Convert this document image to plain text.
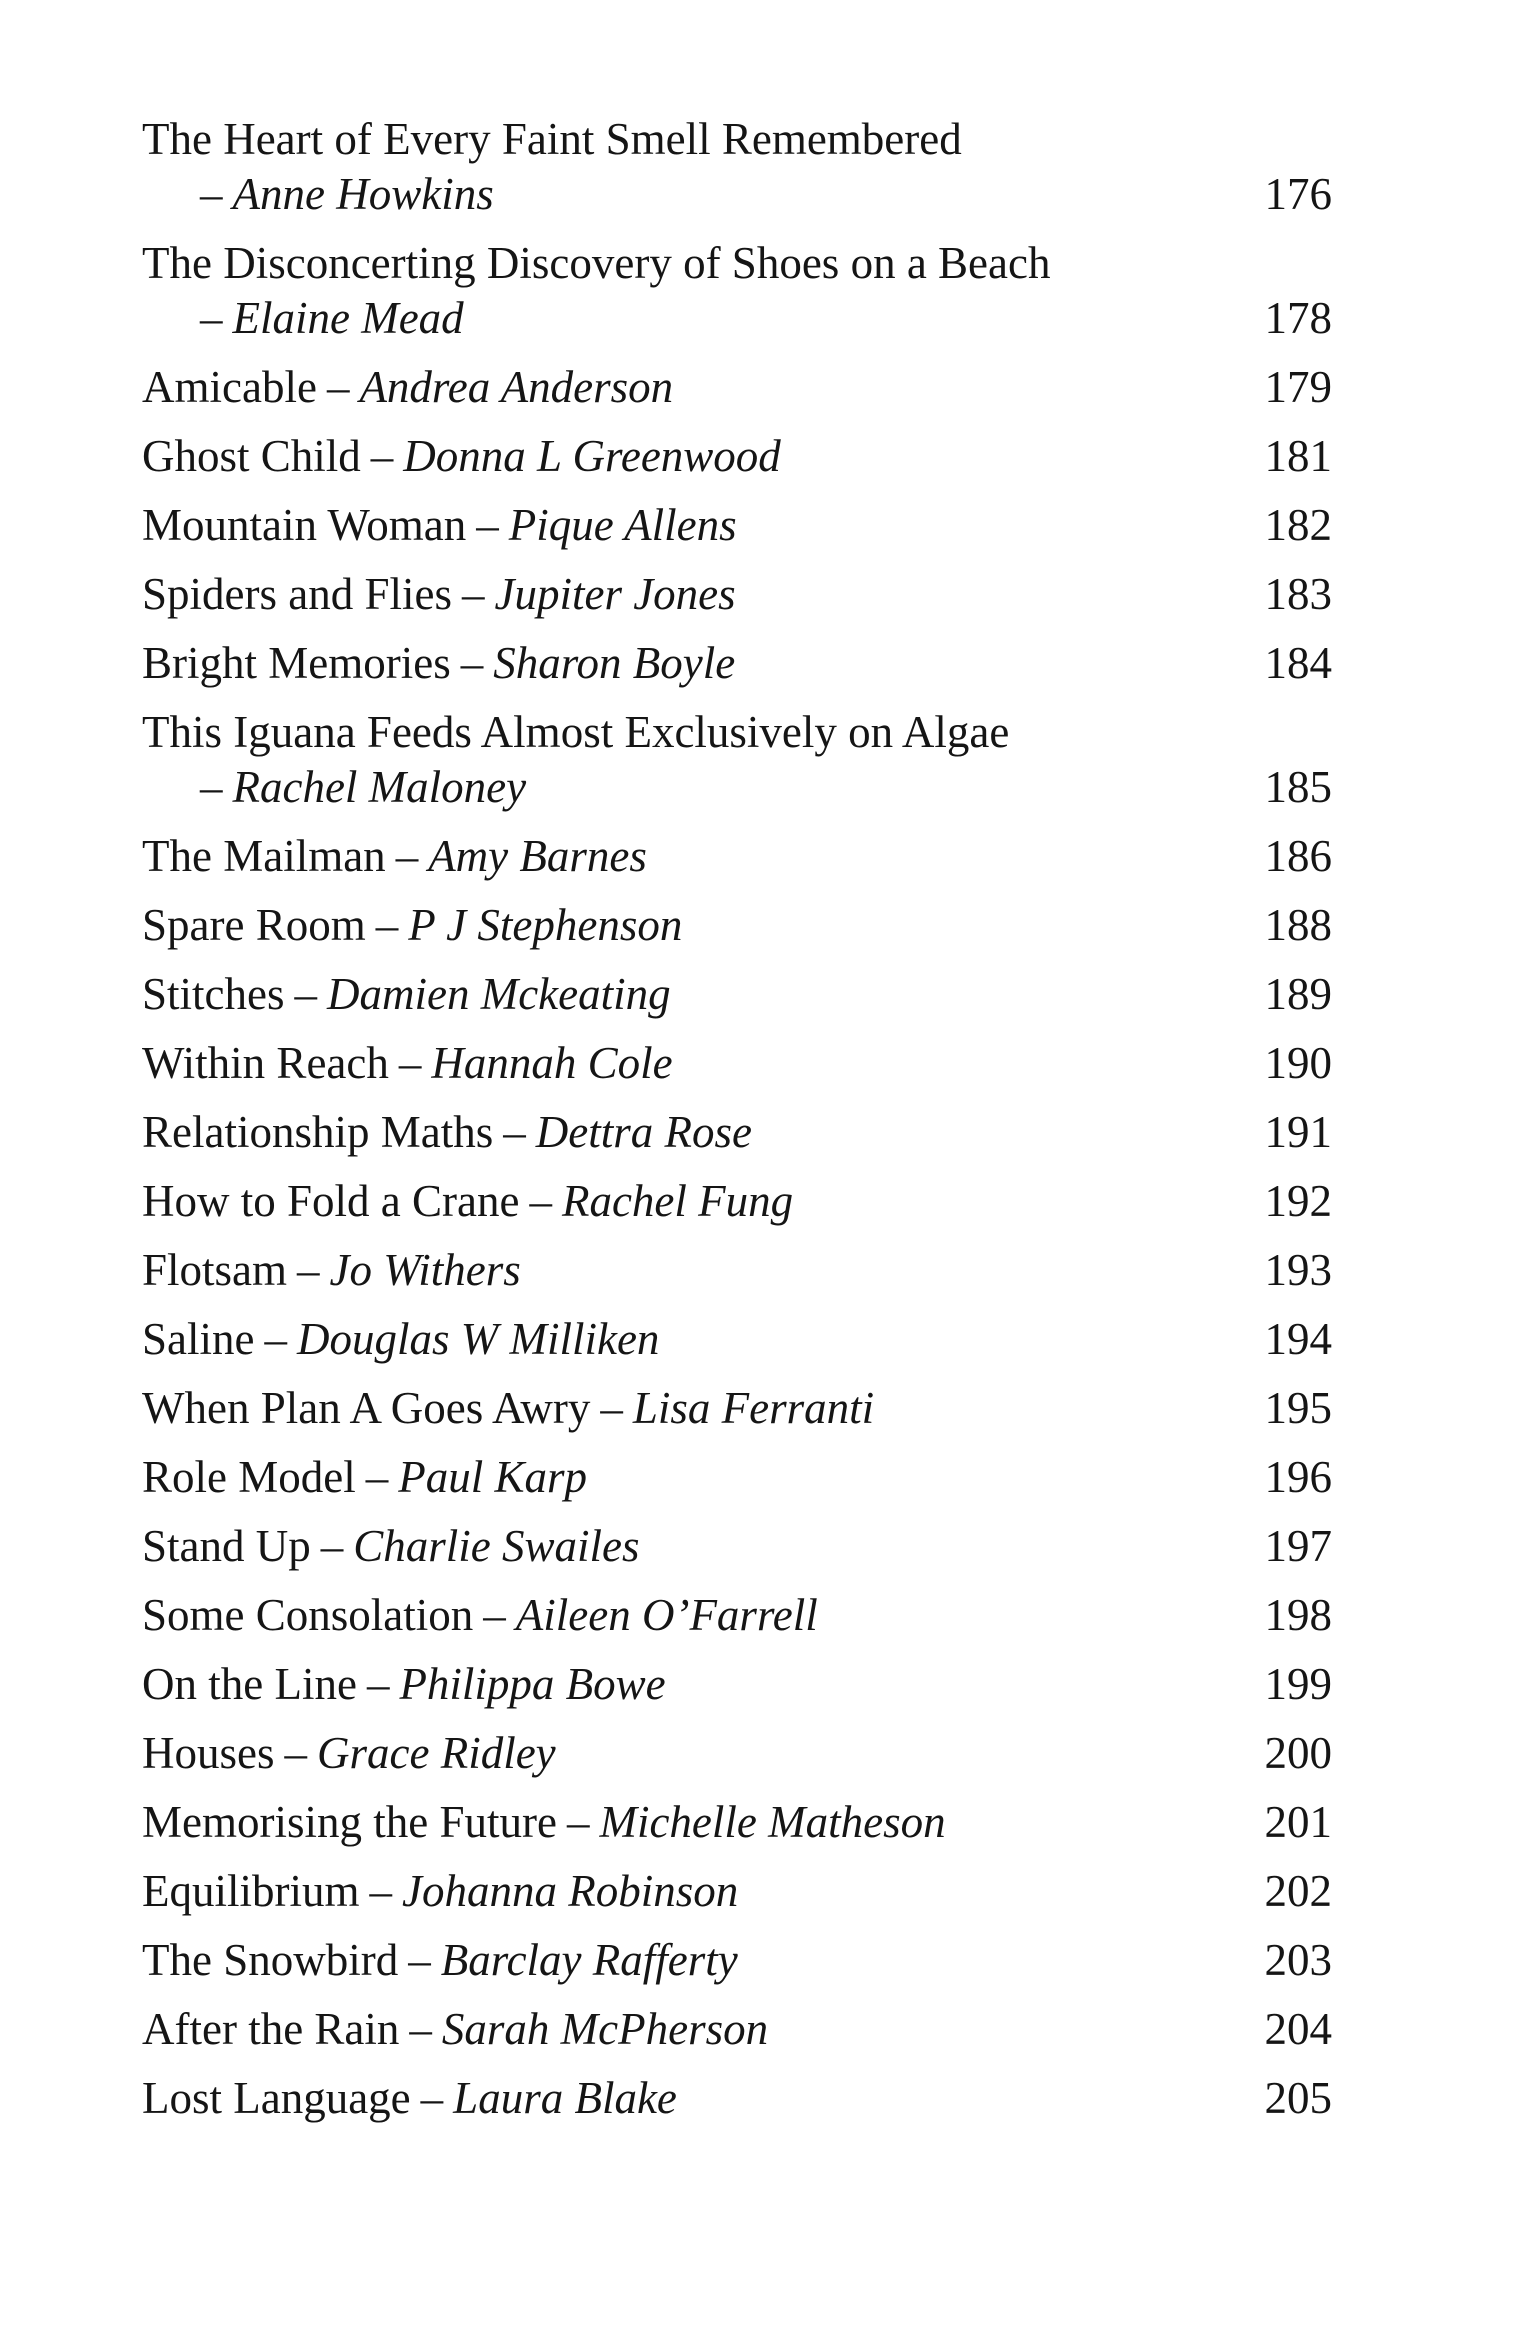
The Heart of Every Faint Smell Remembered
– Anne Howkins	176
The Disconcerting Discovery of Shoes on a Beach
– Elaine Mead	178
Amicable – Andrea Anderson	179
Ghost Child – Donna L Greenwood	181
Mountain Woman – Pique Allens	182
Spiders and Flies – Jupiter Jones	183
Bright Memories – Sharon Boyle	184
This Iguana Feeds Almost Exclusively on Algae
– Rachel Maloney	185
The Mailman – Amy Barnes	186
Spare Room – P J Stephenson	188
Stitches – Damien Mckeating	189
Within Reach – Hannah Cole	190
Relationship Maths – Dettra Rose	191
How to Fold a Crane – Rachel Fung	192
Flotsam – Jo Withers	193
Saline – Douglas W Milliken	194
When Plan A Goes Awry – Lisa Ferranti	195
Role Model – Paul Karp	196
Stand Up – Charlie Swailes	197
Some Consolation – Aileen O’Farrell	198
On the Line – Philippa Bowe	199
Houses – Grace Ridley	200
Memorising the Future – Michelle Matheson	201
Equilibrium – Johanna Robinson	202
The Snowbird – Barclay Rafferty	203
After the Rain – Sarah McPherson	204
Lost Language – Laura Blake	205
